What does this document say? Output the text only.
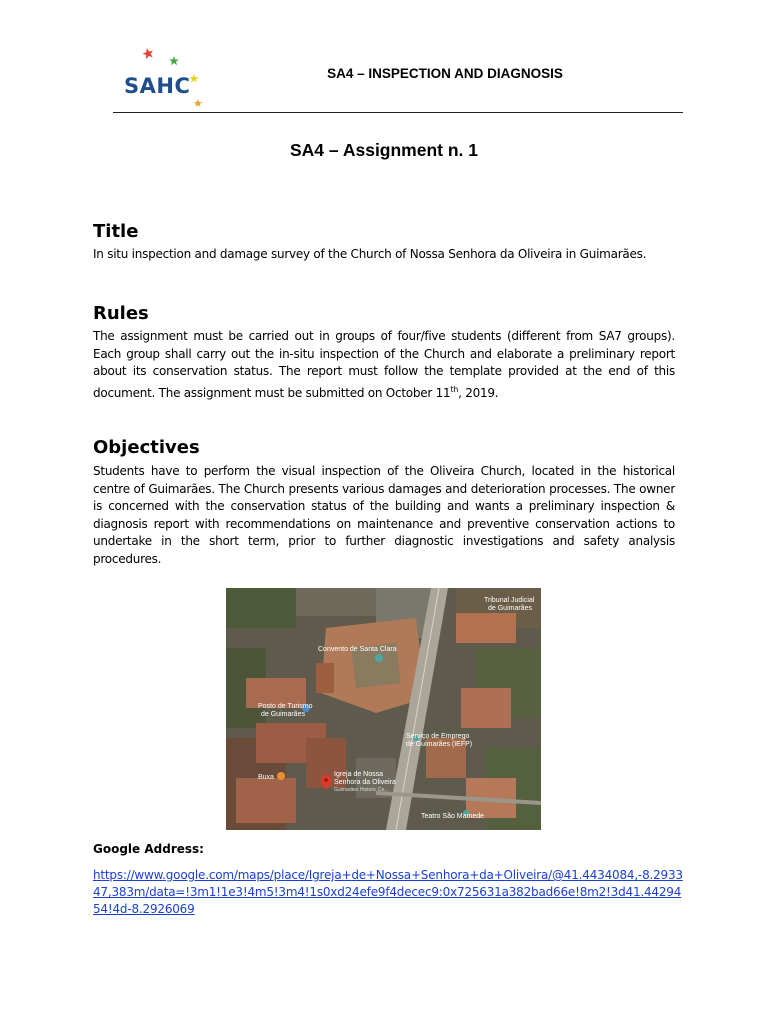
SAHC
SA4 – INSPECTION AND DIAGNOSIS
SA4 – Assignment n. 1
Title
In situ inspection and damage survey of the Church of Nossa Senhora da Oliveira in Guimarães.
Rules
The assignment must be carried out in groups of four/five students (different from SA7 groups). Each group shall carry out the in-situ inspection of the Church and elaborate a preliminary report about its conservation status. The report must follow the template provided at the end of this document. The assignment must be submitted on October 11th, 2019.
Objectives
Students have to perform the visual inspection of the Oliveira Church, located in the historical centre of Guimarães. The Church presents various damages and deterioration processes. The owner is concerned with the conservation status of the building and wants a preliminary inspection & diagnosis report with recommendations on maintenance and preventive conservation actions to undertake in the short term, prior to further diagnostic investigations and safety analysis procedures.
Tribunal Judicial
de Guimarães
Convento de Santa Clara
Posto de Turismo
de Guimarães
Serviço de Emprego
de Guimarães (IEFP)
Buxa	Igreja de Nossa
Senhora da Oliveira
Guimarães Historic Ce...
Teatro São Mamede
Google Address:
https://www.google.com/maps/place/Igreja+de+Nossa+Senhora+da+Oliveira/@41.4434084,-8.293347,383m/data=!3m1!1e3!4m5!3m4!1s0xd24efe9f4decec9:0x725631a382bad66e!8m2!3d41.4429454!4d-8.2926069
